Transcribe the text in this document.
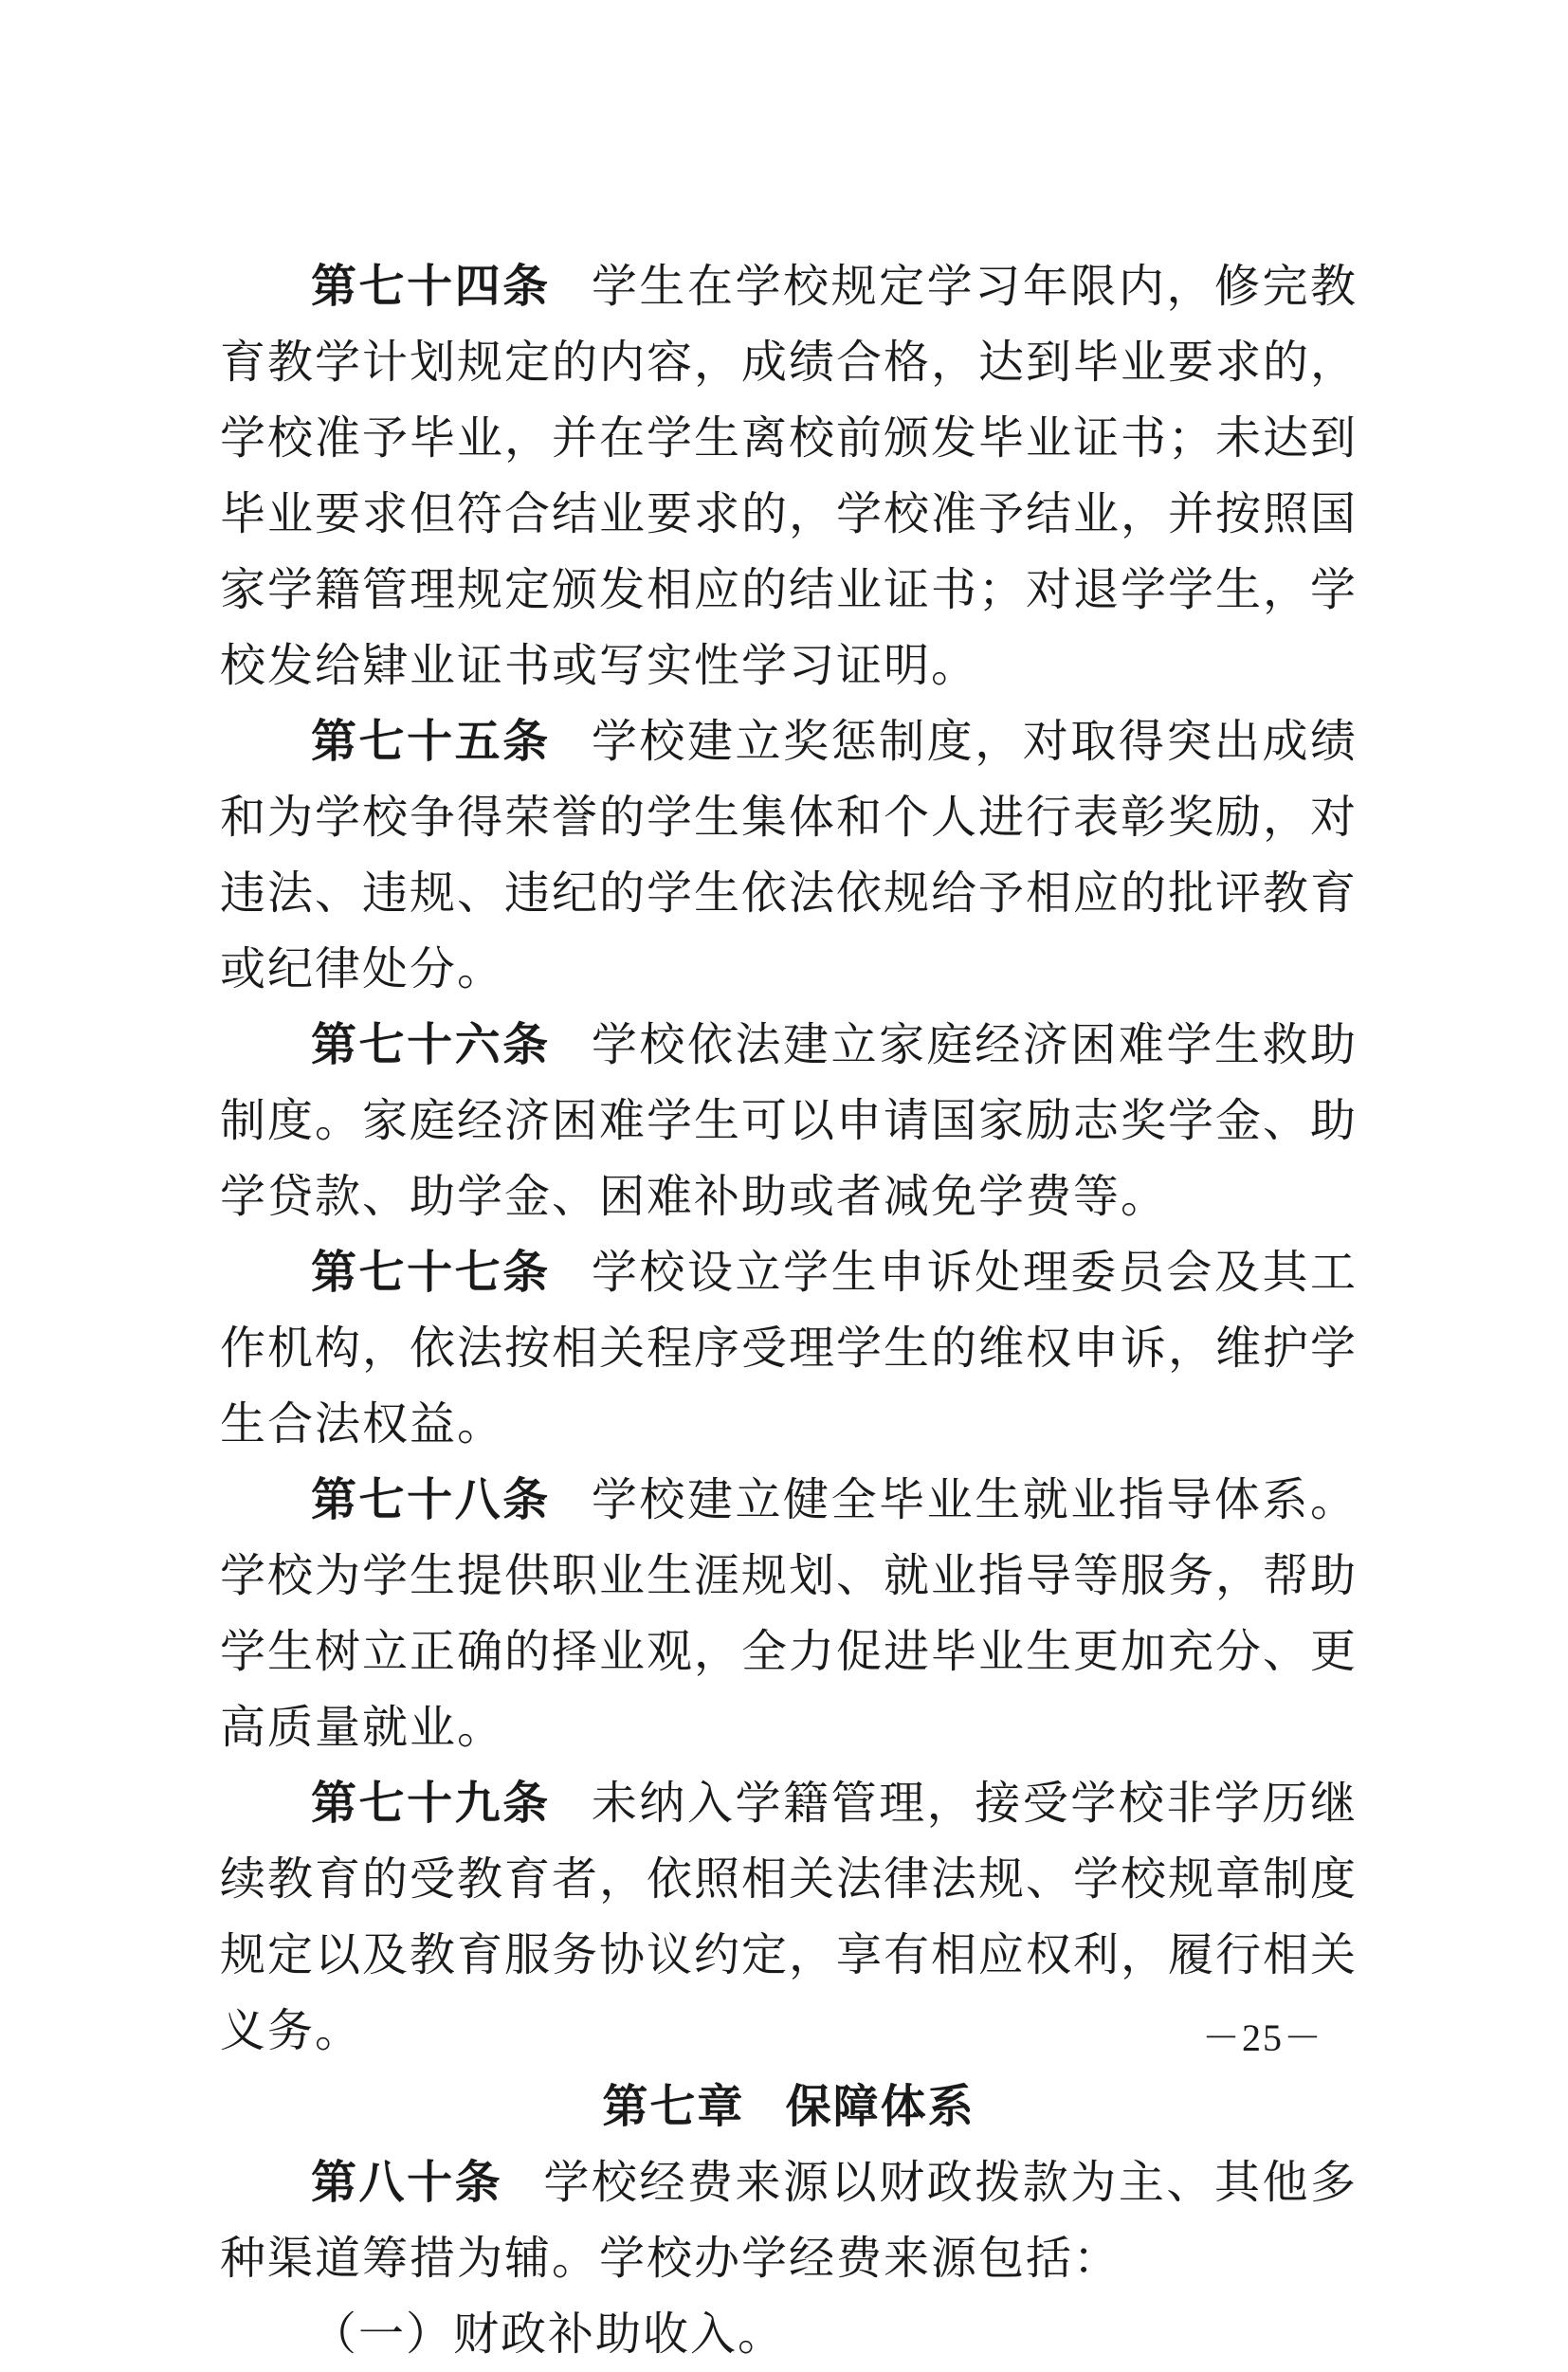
第七十四条 学生在学校规定学习年限内，修完教育教学计划规定的内容，成绩合格，达到毕业要求的，学校准予毕业，并在学生离校前颁发毕业证书；未达到毕业要求但符合结业要求的，学校准予结业，并按照国家学籍管理规定颁发相应的结业证书；对退学学生，学校发给肄业证书或写实性学习证明。

第七十五条 学校建立奖惩制度，对取得突出成绩和为学校争得荣誉的学生集体和个人进行表彰奖励，对违法、违规、违纪的学生依法依规给予相应的批评教育或纪律处分。

第七十六条 学校依法建立家庭经济困难学生救助制度。家庭经济困难学生可以申请国家励志奖学金、助学贷款、助学金、困难补助或者减免学费等。

第七十七条 学校设立学生申诉处理委员会及其工作机构，依法按相关程序受理学生的维权申诉，维护学生合法权益。

第七十八条 学校建立健全毕业生就业指导体系。学校为学生提供职业生涯规划、就业指导等服务，帮助学生树立正确的择业观，全力促进毕业生更加充分、更高质量就业。

第七十九条 未纳入学籍管理，接受学校非学历继续教育的受教育者，依照相关法律法规、学校规章制度规定以及教育服务协议约定，享有相应权利，履行相关义务。

第七章 保障体系

第八十条 学校经费来源以财政拨款为主、其他多种渠道筹措为辅。学校办学经费来源包括：

（一）财政补助收入。

－25－
